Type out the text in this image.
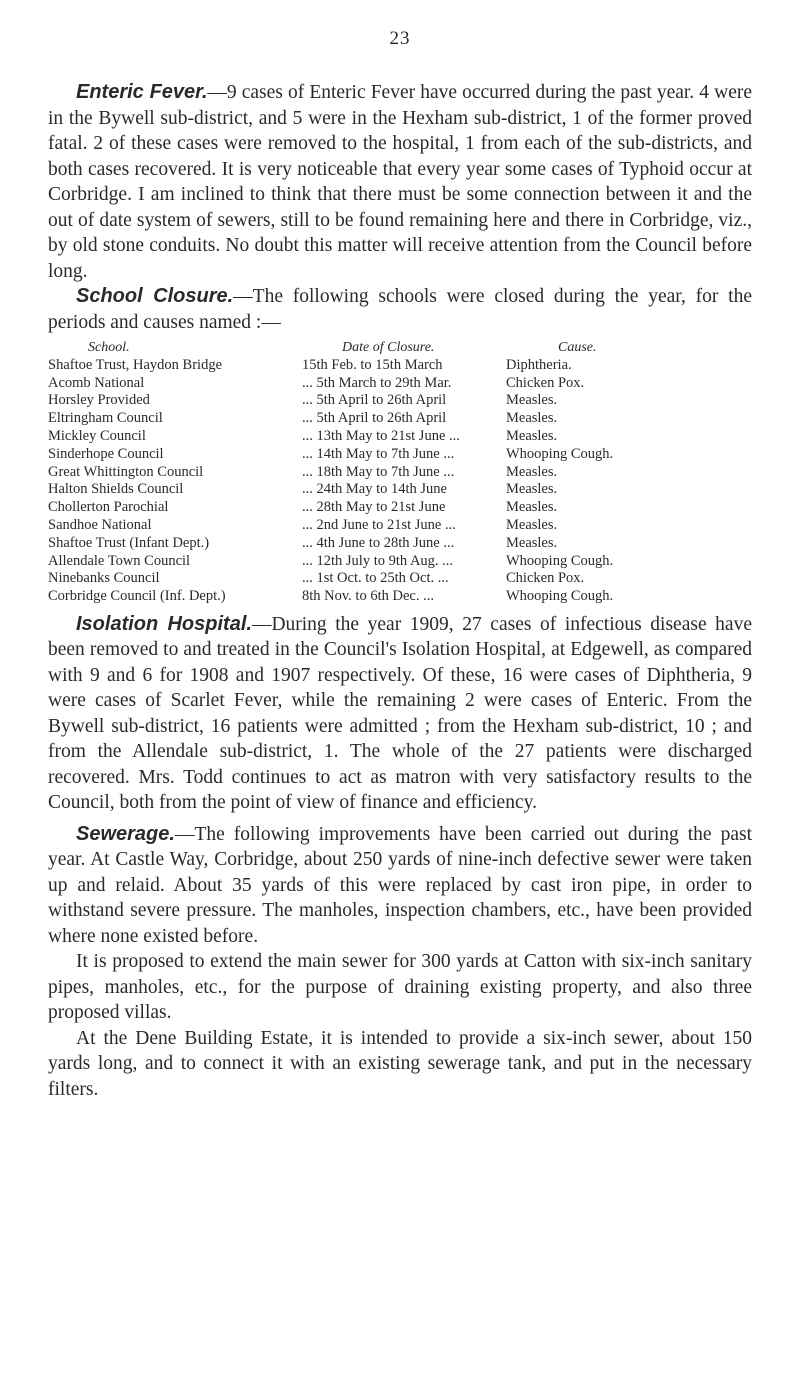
23

Enteric Fever.—9 cases of Enteric Fever have occurred during the past year. 4 were in the Bywell sub-district, and 5 were in the Hexham sub-district, 1 of the former proved fatal. 2 of these cases were removed to the hospital, 1 from each of the sub-districts, and both cases recovered. It is very noticeable that every year some cases of Typhoid occur at Corbridge. I am inclined to think that there must be some connection between it and the out of date system of sewers, still to be found remaining here and there in Corbridge, viz., by old stone conduits. No doubt this matter will receive attention from the Council before long.

School Closure.—The following schools were closed during the year, for the periods and causes named :—

School.	Date of Closure.	Cause.
Shaftoe Trust, Haydon Bridge	15th Feb. to 15th March	Diphtheria.
Acomb National	... 5th March to 29th Mar.	Chicken Pox.
Horsley Provided	... 5th April to 26th April	Measles.
Eltringham Council	... 5th April to 26th April	Measles.
Mickley Council	... 13th May to 21st June ...	Measles.
Sinderhope Council	... 14th May to 7th June ...	Whooping Cough.
Great Whittington Council	... 18th May to 7th June ...	Measles.
Halton Shields Council	... 24th May to 14th June	Measles.
Chollerton Parochial	... 28th May to 21st June	Measles.
Sandhoe National	... 2nd June to 21st June ...	Measles.
Shaftoe Trust (Infant Dept.)	... 4th June to 28th June ...	Measles.
Allendale Town Council	... 12th July to 9th Aug. ...	Whooping Cough.
Ninebanks Council	... 1st Oct. to 25th Oct. ...	Chicken Pox.
Corbridge Council (Inf. Dept.)	8th Nov. to 6th Dec. ...	Whooping Cough.

Isolation Hospital.—During the year 1909, 27 cases of infectious disease have been removed to and treated in the Council's Isolation Hospital, at Edgewell, as compared with 9 and 6 for 1908 and 1907 respectively. Of these, 16 were cases of Diphtheria, 9 were cases of Scarlet Fever, while the remaining 2 were cases of Enteric. From the Bywell sub-district, 16 patients were admitted ; from the Hexham sub-district, 10 ; and from the Allendale sub-district, 1. The whole of the 27 patients were discharged recovered. Mrs. Todd continues to act as matron with very satisfactory results to the Council, both from the point of view of finance and efficiency.

Sewerage.—The following improvements have been carried out during the past year. At Castle Way, Corbridge, about 250 yards of nine-inch defective sewer were taken up and relaid. About 35 yards of this were replaced by cast iron pipe, in order to withstand severe pressure. The manholes, inspection chambers, etc., have been provided where none existed before.

It is proposed to extend the main sewer for 300 yards at Catton with six-inch sanitary pipes, manholes, etc., for the purpose of draining existing property, and also three proposed villas.

At the Dene Building Estate, it is intended to provide a six-inch sewer, about 150 yards long, and to connect it with an existing sewerage tank, and put in the necessary filters.
